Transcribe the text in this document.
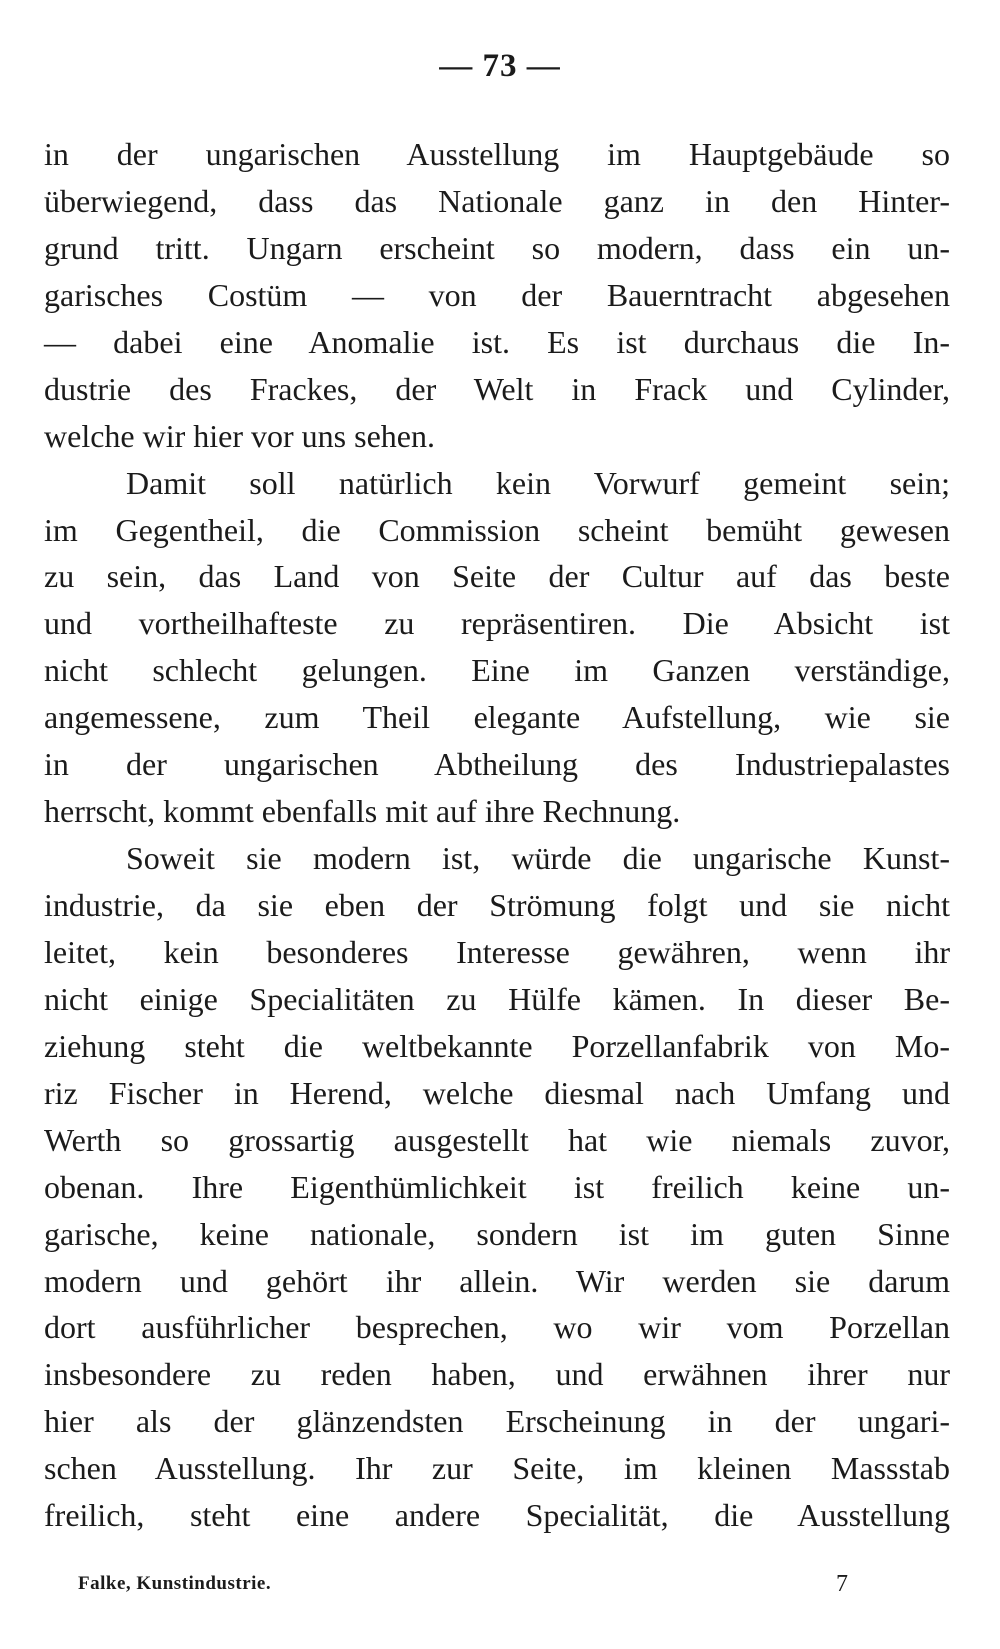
— 73 —
in der ungarischen Ausstellung im Hauptgebäude so
überwiegend, dass das Nationale ganz in den Hinter-
grund tritt. Ungarn erscheint so modern, dass ein un-
garisches Costüm — von der Bauerntracht abgesehen
— dabei eine Anomalie ist. Es ist durchaus die In-
dustrie des Frackes, der Welt in Frack und Cylinder,
welche wir hier vor uns sehen.
Damit soll natürlich kein Vorwurf gemeint sein;
im Gegentheil, die Commission scheint bemüht gewesen
zu sein, das Land von Seite der Cultur auf das beste
und vortheilhafteste zu repräsentiren. Die Absicht ist
nicht schlecht gelungen. Eine im Ganzen verständige,
angemessene, zum Theil elegante Aufstellung, wie sie
in der ungarischen Abtheilung des Industriepalastes
herrscht, kommt ebenfalls mit auf ihre Rechnung.
Soweit sie modern ist, würde die ungarische Kunst-
industrie, da sie eben der Strömung folgt und sie nicht
leitet, kein besonderes Interesse gewähren, wenn ihr
nicht einige Specialitäten zu Hülfe kämen. In dieser Be-
ziehung steht die weltbekannte Porzellanfabrik von Mo-
riz Fischer in Herend, welche diesmal nach Umfang und
Werth so grossartig ausgestellt hat wie niemals zuvor,
obenan. Ihre Eigenthümlichkeit ist freilich keine un-
garische, keine nationale, sondern ist im guten Sinne
modern und gehört ihr allein. Wir werden sie darum
dort ausführlicher besprechen, wo wir vom Porzellan
insbesondere zu reden haben, und erwähnen ihrer nur
hier als der glänzendsten Erscheinung in der ungari-
schen Ausstellung. Ihr zur Seite, im kleinen Massstab
freilich, steht eine andere Specialität, die Ausstellung
Falke, Kunstindustrie.	7
